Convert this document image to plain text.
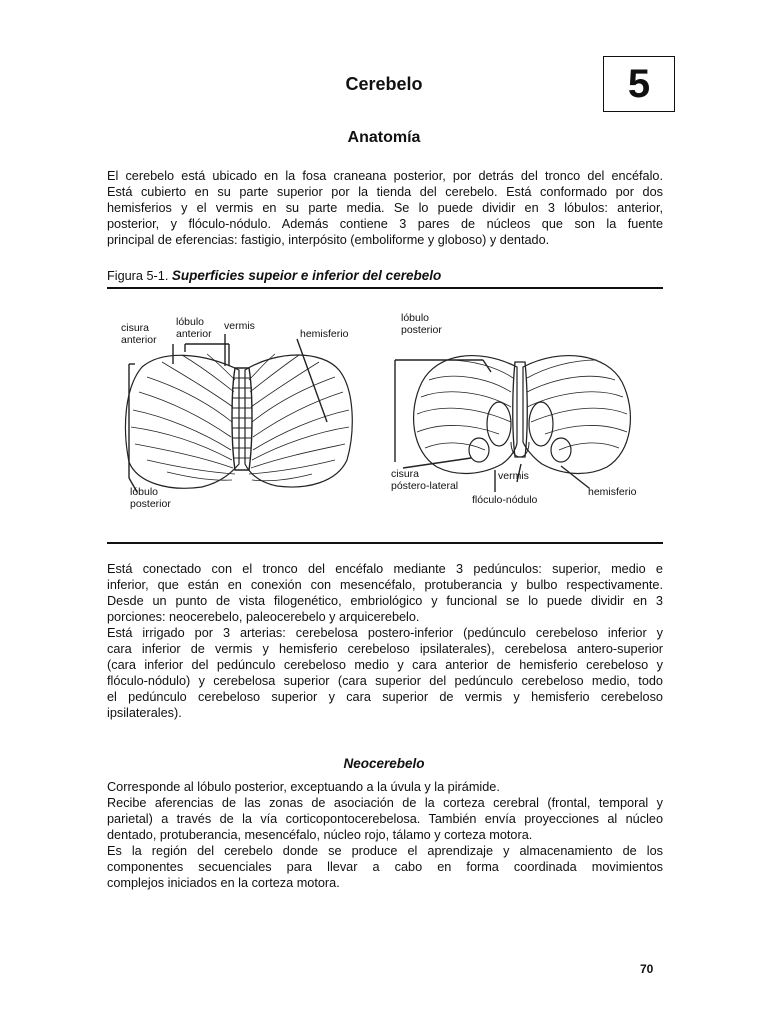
Cerebelo	5
Anatomía

El cerebelo está ubicado en la fosa craneana posterior, por detrás del tronco del encéfalo.
Está cubierto en su parte superior por la tienda del cerebelo. Está conformado por dos
hemisferios y el vermis en su parte media. Se lo puede dividir en 3 lóbulos: anterior,
posterior, y flóculo-nódulo. Además contiene 3 pares de núcleos que son la fuente
principal de eferencias: fastigio, interpósito (emboliforme y globoso) y dentado.

Figura 5-1. Superficies supeior e inferior del cerebelo
cisura
anterior
lóbulo
anterior
vermis
hemisferio
lóbulo
posterior
lóbulo
posterior
cisura
póstero-lateral
vermis
flóculo-nódulo
hemisferio

Está conectado con el tronco del encéfalo mediante 3 pedúnculos: superior, medio e
inferior, que están en conexión con mesencéfalo, protuberancia y bulbo respectivamente.
Desde un punto de vista filogenético, embriológico y funcional se lo puede dividir en 3
porciones: neocerebelo, paleocerebelo y arquicerebelo.
Está irrigado por 3 arterias: cerebelosa postero-inferior (pedúnculo cerebeloso inferior y
cara inferior de vermis y hemisferio cerebeloso ipsilaterales), cerebelosa antero-superior
(cara inferior del pedúnculo cerebeloso medio y cara anterior de hemisferio cerebeloso y
flóculo-nódulo) y cerebelosa superior (cara superior del pedúnculo cerebeloso medio, todo
el pedúnculo cerebeloso superior y cara superior de vermis y hemisferio cerebeloso
ipsilaterales).

Neocerebelo

Corresponde al lóbulo posterior, exceptuando a la úvula y la pirámide.
Recibe aferencias de las zonas de asociación de la corteza cerebral (frontal, temporal y
parietal) a través de la vía corticopontocerebelosa. También envía proyecciones al núcleo
dentado, protuberancia, mesencéfalo, núcleo rojo, tálamo y corteza motora.
Es la región del cerebelo donde se produce el aprendizaje y almacenamiento de los
componentes secuenciales para llevar a cabo en forma coordinada movimientos
complejos iniciados en la corteza motora.

70
